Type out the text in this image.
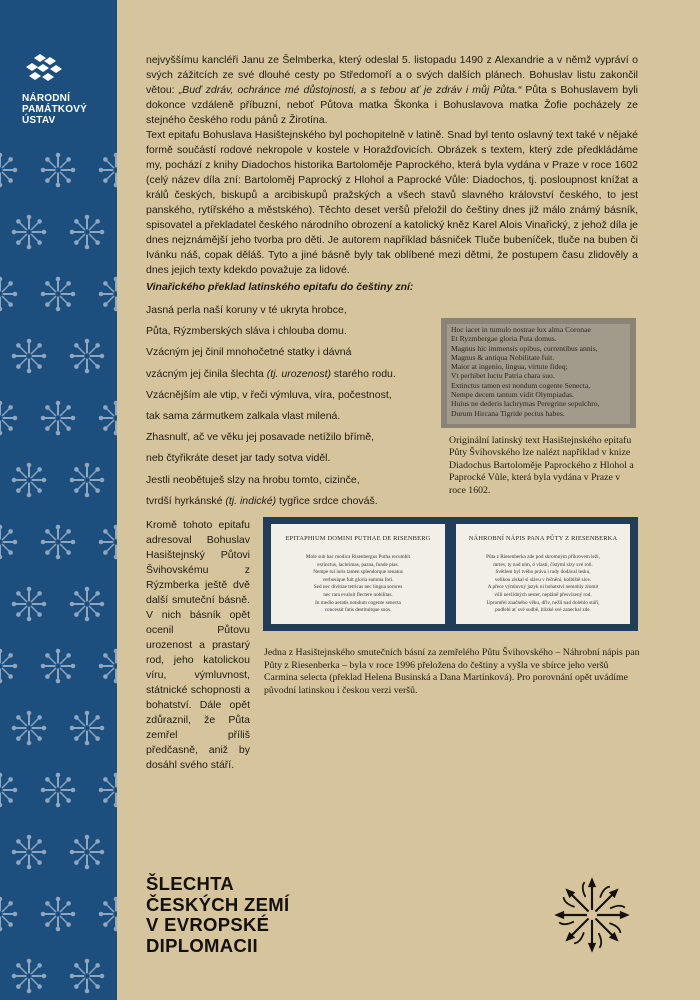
NÁRODNÍ
PAMÁTKOVÝ
ÚSTAV
nejvyššímu kancléři Janu ze Šelmberka, který odeslal 5. listopadu 1490 z Alexandrie a v němž vypráví o svých zážitcích ze své dlouhé cesty po Středomoří a o svých dalších plánech. Bohuslav listu zakončil větou: „Buď zdráv, ochráncе mé důstojnosti, a s tebou ať je zdráv i můj Půta.“ Půta s Bohuslavem byli dokonce vzdáleně příbuzní, neboť Půtova matka Škonka i Bohuslavova matka Žofie pocházely ze stejného českého rodu pánů z Žirotína.
Text epitafu Bohuslava Hasištejnského byl pochopitelně v latině. Snad byl tento oslavný text také v nějaké formě součástí rodové nekropole v kostele v Horažďovicích. Obrázek s textem, který zde předkládáme my, pochází z knihy Diadochos historika Bartoloměje Paprockého, která byla vydána v Praze v roce 1602 (celý název díla zní: Bartoloměj Paprocký z Hlohol a Paprocké Vůle: Diadochos, tj. posloupnost knížat a králů českých, biskupů a arcibiskupů pražských a všech stavů slavného království českého, to jest panského, rytířského a městského). Těchto deset veršů přeložil do češtiny dnes již málo známý básník, spisovatel a překladatel českého národního obrození a katolický kněz Karel Alois Vinařický, z jehož díla je dnes nejznámější jeho tvorba pro děti. Je autorem například básniček Tluče bubeníček, tluče na buben či Ivánku náš, copak děláš. Tyto a jiné básně byly tak oblíbené mezi dětmi, že postupem času zlidověly a dnes jejich texty kdekdo považuje za lidové.
Vinařického překlad latinského epitafu do češtiny zní:
Jasná perla naší koruny v té ukryta hrobce,
Půta, Rýzmberských sláva i chlouba domu.
Vzácným jej činil mnohočetné statky i dávná
vzácným jej činila šlechta (tj. urozenost) starého rodu.
Vzácnějším ale vtip, v řeči výmluva, víra, počestnost,
tak sama zármutkem zalkala vlast milená.
Zhasnulť, ač ve věku jej posavade netížilo břímě,
neb čtyřikráte deset jar tady sotva viděl.
Jestli neobětuješ slzy na hrobu tomto, cizinče,
tvrdší hyrkánské (tj. indické) tygřice srdce chováš.
Hoc iacet in tumulo nostrae lux alma Coronae
Et Ryzmbergae gloria Puta domus.
Magnus hic immensis opibus, currentibus annis,
Magnus & antiqua Nobilitate fuit.
Maior at ingenio, lingua, virtute fideq;
Vt perhibet luctu Patria chara suo.
Extinctus tamen est nondum cogente Senecta,
Nempe decem tantum vidit Olympiadas.
Huius ne dederis lachrymas Peregrine sepulchro,
Durum Hircana Tigride pectus habes.
Originální latinský text Hasištejnského epitafu Půty Švihovského lze nalézt například v knize Diadochus Bartoloměje Paprockého z Hlohol a Paprocké Vůle, která byla vydána v Praze v roce 1602.
Kromě tohoto epitafu adresoval Bohuslav Hasištejnský Půtovi Švihovskému z Rýzmberka ještě dvě další smuteční básně. V nich básník opět ocenil Půtovu urozenost a prastarý rod, jeho katolickou víru, výmluvnost, státnické schopnosti a bohatství. Dále opět zdůraznil, že Půta zemřel příliš předčasně, aniž by dosáhl svého stáří.
EPITAPHIUM DOMINI PUTHAE DE RISENBERG
Mole sub hac modica Risenbergus Putha recumbit
extinctus, lachrimas, pazna, funde pias.
Nempe tui iuris tamen splendorque senatus
verbosique fuit gloria summa fori.
Sed nec divitiae tetricas nec lingua sorores
nec rara evaluit flectere nobilitas.
In medio aeratis nondum cogente senecta
concessit fatis destituitque suos.
NÁHROBNÍ NÁPIS PANA PŮTY Z RIESENBERKA
Půta z Riesenberka zde pod skromným příkrovem leží,
mrtev, ty nad ním, ó vlasti, čistými slzy své roň.
Světlem byl tvého práva i rady dodával lesku,
velikou získal si slávu v řečnění, kolbiště slov.
A přece výmluvný jazyk ni bohatství nemohly zlomit
vůli nevlídných sester, nepláně přesvízený rod.
Upromřel značného věku, dřív, nežli nad dolehlo stáří,
podlehl ať své sudbě, blízké své zanechal zde.
Jedna z Hasištejnského smutečních básní za zemřelého Půtu Švihovského – Náhrobní nápis pan Půty z Riesenberka – byla v roce 1996 přeložena do češtiny a vyšla ve sbírce jeho veršů Carmina selecta (překlad Helena Businská a Dana Martínková). Pro porovnání opět uvádíme původní latinskou i českou verzi veršů.
ŠLECHTA
ČESKÝCH ZEMÍ
V EVROPSKÉ
DIPLOMACII
